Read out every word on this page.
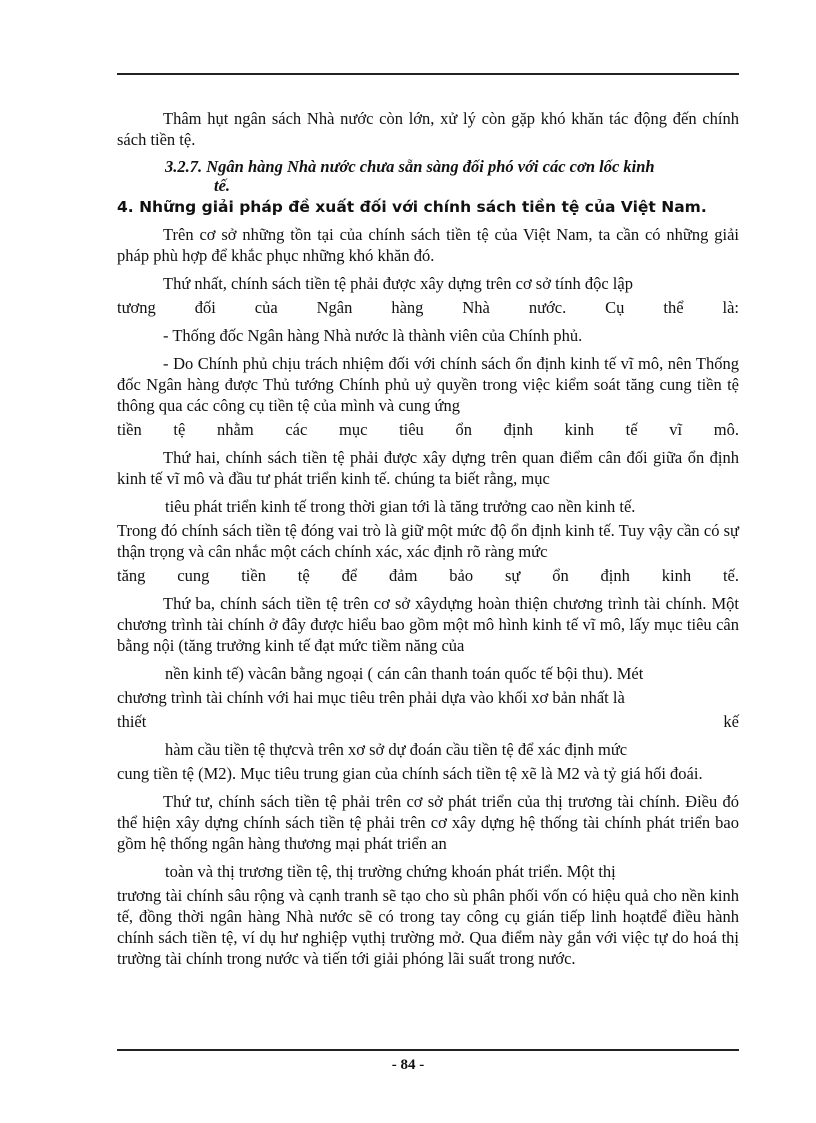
Thâm hụt ngân sách Nhà nước còn lớn, xử lý còn gặp khó khăn tác động đến chính sách tiền tệ.

3.2.7. Ngân hàng Nhà nước chưa sẵn sàng đối phó với các cơn lốc kinh
tế.

4. Những giải pháp đề xuất đối với chính sách tiền tệ của Việt Nam.

Trên cơ sở những tồn tại của chính sách tiền tệ của Việt Nam, ta cần có những giải pháp phù hợp để khắc phục những khó khăn đó.

Thứ nhất, chính sách tiền tệ phải được xây dựng trên cơ sở tính độc lập

tương đối của Ngân hàng Nhà nước. Cụ thể là:

- Thống đốc Ngân hàng Nhà nước là thành viên của Chính phủ.

- Do Chính phủ chịu trách nhiệm đối với chính sách ổn định kinh tế vĩ mô, nên Thống đốc Ngân hàng được Thủ tướng Chính phủ uỷ quyền trong việc kiểm soát tăng cung tiền tệ thông qua các công cụ tiền tệ của mình và cung ứng

tiền tệ nhằm các mục tiêu ổn định kinh tế vĩ mô.

Thứ hai, chính sách tiền tệ phải được xây dựng trên quan điểm cân đối giữa ổn định kinh tế vĩ mô và đầu tư phát triển kinh tế. chúng ta biết rằng, mục

tiêu phát triển kinh tế trong thời gian tới là tăng trưởng cao nền kinh tế.

Trong đó chính sách tiền tệ đóng vai trò là giữ một mức độ ổn định kinh tế. Tuy vậy cần có sự thận trọng và cân nhắc một cách chính xác, xác định rõ ràng mức

tăng cung tiền tệ để đảm bảo sự ổn định kinh tế.

Thứ ba, chính sách tiền tệ trên cơ sở xâydựng hoàn thiện chương trình tài chính. Một chương trình tài chính ở đây được hiểu bao gồm một mô hình kinh tế vĩ mô, lấy mục tiêu cân bằng nội (tăng trưởng kinh tế đạt mức tiềm năng của

nền kinh tế) vàcân bằng ngoại ( cán cân thanh toán quốc tế bội thu). Mét

chương trình tài chính với hai mục tiêu trên phải dựa vào khối xơ bản nhất là

thiết	kế

hàm cầu tiền tệ thựcvà trên xơ sở dự đoán cầu tiền tệ để xác định mức

cung tiền tệ (M2). Mục tiêu trung gian của chính sách tiền tệ xẽ là M2 và tỷ giá hối đoái.

Thứ tư, chính sách tiền tệ phải trên cơ sở phát triển của thị trương tài chính. Điều đó thể hiện xây dựng chính sách tiền tệ phải trên cơ xây dựng hệ thống tài chính phát triển bao gồm hệ thống ngân hàng thương mại phát triển an

toàn và thị trương tiền tệ, thị trường chứng khoán phát triển. Một thị

trương tài chính sâu rộng và cạnh tranh sẽ tạo cho sù phân phối vốn có hiệu quả cho nền kinh tế, đồng thời ngân hàng Nhà nước sẽ có trong tay công cụ gián tiếp linh hoạtđể điều hành chính sách tiền tệ, ví dụ hư nghiệp vụthị trường mở. Qua điểm này gắn với việc tự do hoá thị trường tài chính trong nước và tiến tới giải phóng lãi suất trong nước.

- 84 -
